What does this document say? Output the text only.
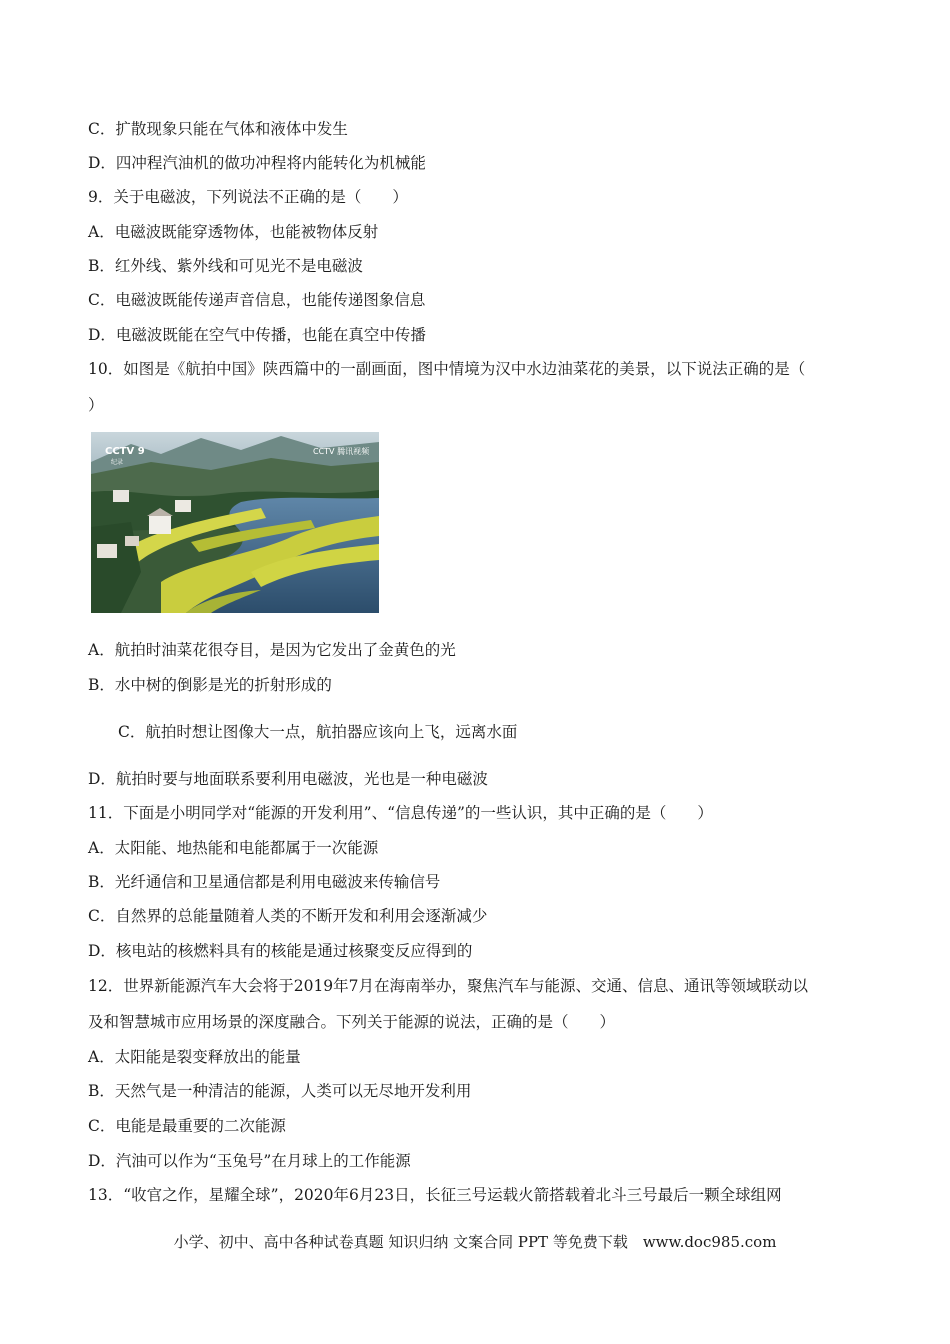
C．扩散现象只能在气体和液体中发生
D．四冲程汽油机的做功冲程将内能转化为机械能
9．关于电磁波，下列说法不正确的是（　　）
A．电磁波既能穿透物体，也能被物体反射
B．红外线、紫外线和可见光不是电磁波
C．电磁波既能传递声音信息，也能传递图象信息
D．电磁波既能在空气中传播，也能在真空中传播
10．如图是《航拍中国》陕西篇中的一副画面，图中情境为汉中水边油菜花的美景，以下说法正确的是（
）
CCTV 9
纪录
CCTV 腾讯视频
A．航拍时油菜花很夺目，是因为它发出了金黄色的光
B．水中树的倒影是光的折射形成的
C．航拍时想让图像大一点，航拍器应该向上飞，远离水面
D．航拍时要与地面联系要利用电磁波，光也是一种电磁波
11．下面是小明同学对“能源的开发利用”、“信息传递”的一些认识，其中正确的是（　　）
A．太阳能、地热能和电能都属于一次能源
B．光纤通信和卫星通信都是利用电磁波来传输信号
C．自然界的总能量随着人类的不断开发和利用会逐渐减少
D．核电站的核燃料具有的核能是通过核聚变反应得到的
12．世界新能源汽车大会将于2019年7月在海南举办，聚焦汽车与能源、交通、信息、通讯等领域联动以
及和智慧城市应用场景的深度融合。下列关于能源的说法，正确的是（　　）
A．太阳能是裂变释放出的能量
B．天然气是一种清洁的能源，人类可以无尽地开发利用
C．电能是最重要的二次能源
D．汽油可以作为“玉兔号”在月球上的工作能源
13．“收官之作，星耀全球”，2020年6月23日，长征三号运载火箭搭载着北斗三号最后一颗全球组网
小学、初中、高中各种试卷真题 知识归纳 文案合同 PPT 等免费下载　www.doc985.com
